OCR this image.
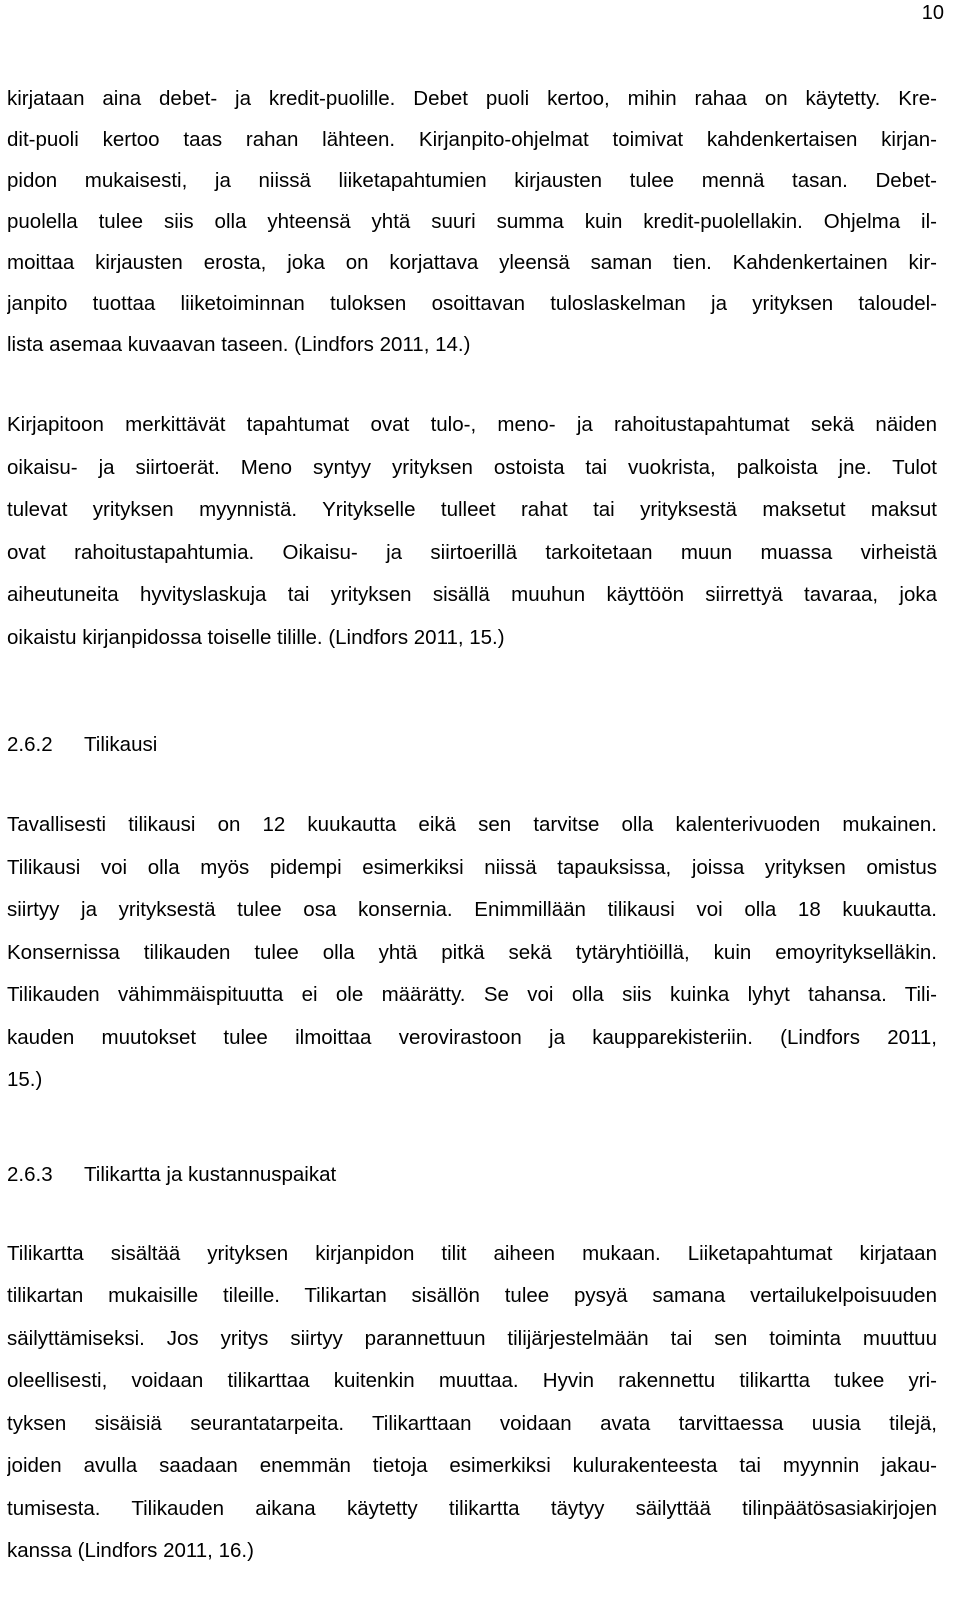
10
kirjataan aina debet- ja kredit-puolille. Debet puoli kertoo, mihin rahaa on käytetty. Kre-
dit-puoli kertoo taas rahan lähteen. Kirjanpito-ohjelmat toimivat kahdenkertaisen kirjan-
pidon mukaisesti, ja niissä liiketapahtumien kirjausten tulee mennä tasan. Debet-
puolella tulee siis olla yhteensä yhtä suuri summa kuin kredit-puolellakin. Ohjelma il-
moittaa kirjausten erosta, joka on korjattava yleensä saman tien. Kahdenkertainen kir-
janpito tuottaa liiketoiminnan tuloksen osoittavan tuloslaskelman ja yrityksen taloudel-
lista asemaa kuvaavan taseen. (Lindfors 2011, 14.)
Kirjapitoon merkittävät tapahtumat ovat tulo-, meno- ja rahoitustapahtumat sekä näiden
oikaisu- ja siirtoerät. Meno syntyy yrityksen ostoista tai vuokrista, palkoista jne. Tulot
tulevat yrityksen myynnistä. Yritykselle tulleet rahat tai yrityksestä maksetut maksut
ovat rahoitustapahtumia. Oikaisu- ja siirtoerillä tarkoitetaan muun muassa virheistä
aiheutuneita hyvityslaskuja tai yrityksen sisällä muuhun käyttöön siirrettyä tavaraa, joka
oikaistu kirjanpidossa toiselle tilille. (Lindfors 2011, 15.)
2.6.2 Tilikausi
Tavallisesti tilikausi on 12 kuukautta eikä sen tarvitse olla kalenterivuoden mukainen.
Tilikausi voi olla myös pidempi esimerkiksi niissä tapauksissa, joissa yrityksen omistus
siirtyy ja yrityksestä tulee osa konsernia. Enimmillään tilikausi voi olla 18 kuukautta.
Konsernissa tilikauden tulee olla yhtä pitkä sekä tytäryhtiöillä, kuin emoyrityksellä​kin.
Tilikauden vähimmäispituutta ei ole määrätty. Se voi olla siis kuinka lyhyt tahansa. Tili-
kauden muutokset tulee ilmoittaa verovirastoon ja kaupparekisteriin. (Lindfors 2011,
15.)
2.6.3 Tilikartta ja kustannuspaikat
Tilikartta sisältää yrityksen kirjanpidon tilit aiheen mukaan. Liiketapahtumat kirjataan
tilikartan mukaisille tileille. Tilikartan sisällön tulee pysyä samana vertailukelpoisuuden
säilyttämiseksi. Jos yritys siirtyy parannettuun tilijärjestelmään tai sen toiminta muuttuu
oleellisesti, voidaan tilikarttaa kuitenkin muuttaa. Hyvin rakennettu tilikartta tukee yri-
tyksen sisäisiä seurantatarpeita. Tilikarttaan voidaan avata tarvittaessa uusia tilejä,
joiden avulla saadaan enemmän tietoja esimerkiksi kulurakenteesta tai myynnin jakau-
tumisesta. Tilikauden aikana käytetty tilikartta täytyy säilyttää tilinpäätösasiakirjojen
kanssa (Lindfors 2011, 16.)
